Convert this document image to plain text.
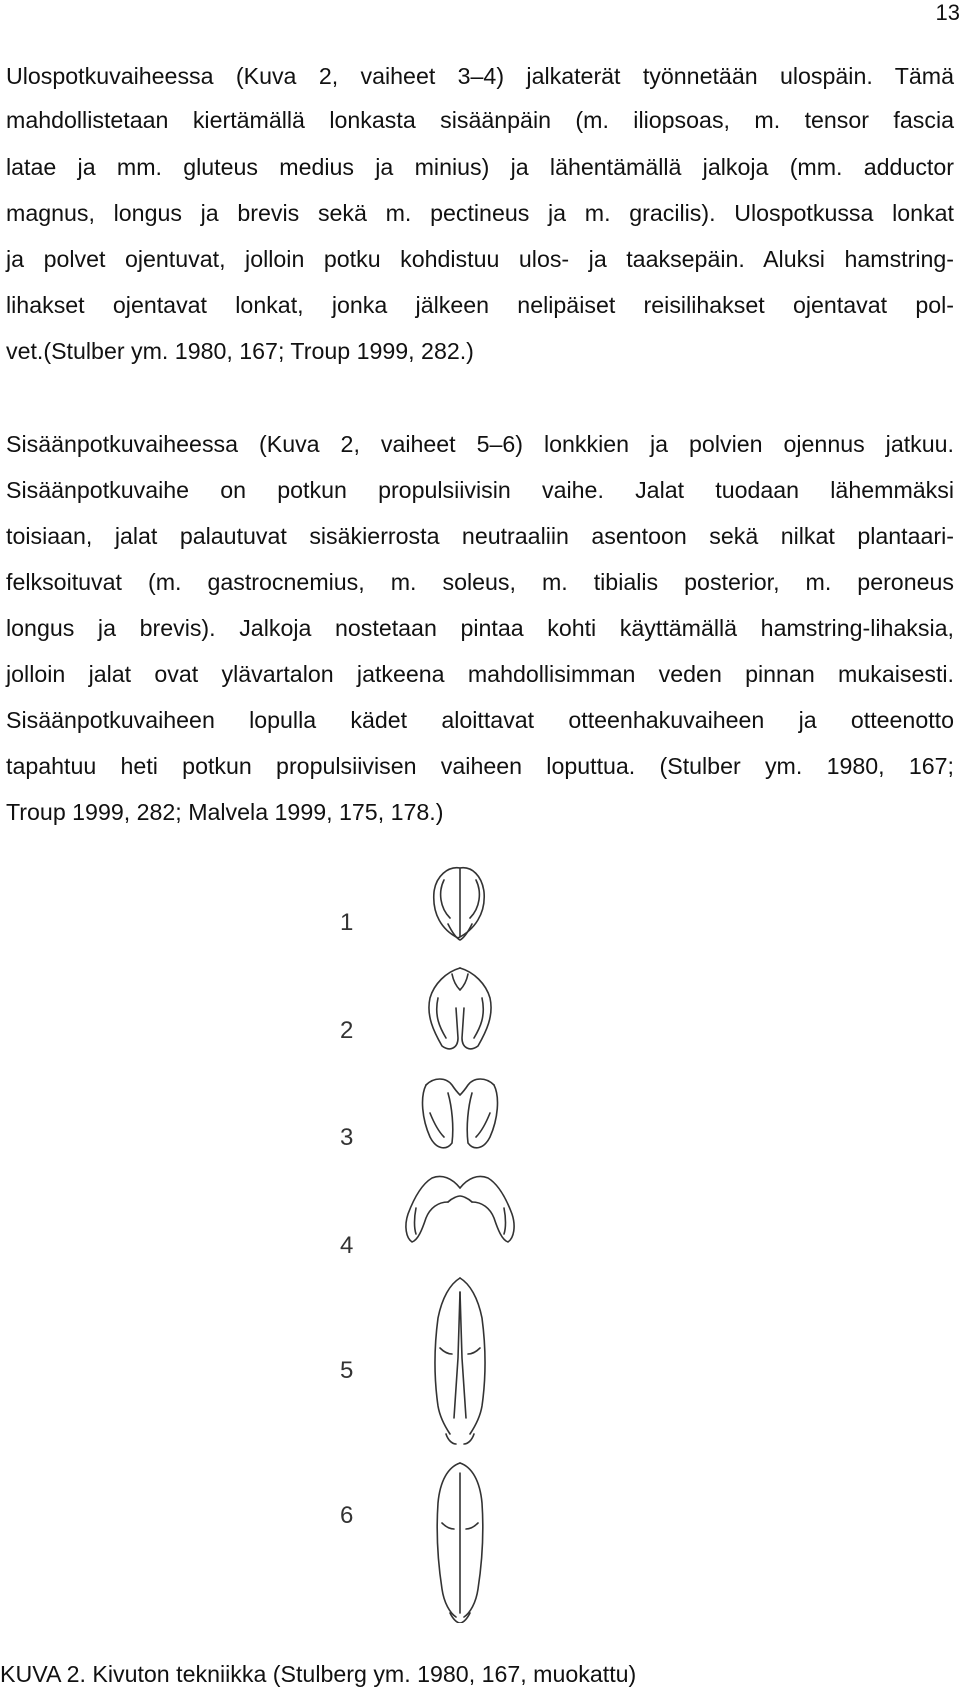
13

Ulospotkuvaiheessa (Kuva 2, vaiheet 3–4) jalkaterät työnnetään ulospäin. Tämä

mahdollistetaan kiertämällä lonkasta sisäänpäin (m. iliopsoas, m. tensor fascia

latae ja mm. gluteus medius ja minius) ja lähentämällä jalkoja (mm. adductor

magnus, longus ja brevis sekä m. pectineus ja m. gracilis). Ulospotkussa lonkat

ja polvet ojentuvat, jolloin potku kohdistuu ulos- ja taaksepäin. Aluksi hamstring-

lihakset ojentavat lonkat, jonka jälkeen nelipäiset reisilihakset ojentavat pol-

vet.(Stulber ym. 1980, 167; Troup 1999, 282.)

Sisäänpotkuvaiheessa (Kuva 2, vaiheet 5–6) lonkkien ja polvien ojennus jatkuu.

Sisäänpotkuvaihe on potkun propulsiivisin vaihe. Jalat tuodaan lähemmäksi

toisiaan, jalat palautuvat sisäkierrosta neutraaliin asentoon sekä nilkat plantaari-

felksoituvat (m. gastrocnemius, m. soleus, m. tibialis posterior, m. peroneus

longus ja brevis). Jalkoja nostetaan pintaa kohti käyttämällä hamstring-lihaksia,

jolloin jalat ovat ylävartalon jatkeena mahdollisimman veden pinnan mukaisesti.

Sisäänpotkuvaiheen lopulla kädet aloittavat otteenhakuvaiheen ja otteenotto

tapahtuu heti potkun propulsiivisen vaiheen loputtua. (Stulber ym. 1980, 167;

Troup 1999, 282; Malvela 1999, 175, 178.)

1
2
3
4
5
6
KUVA 2. Kivuton tekniikka (Stulberg ym. 1980, 167, muokattu)
